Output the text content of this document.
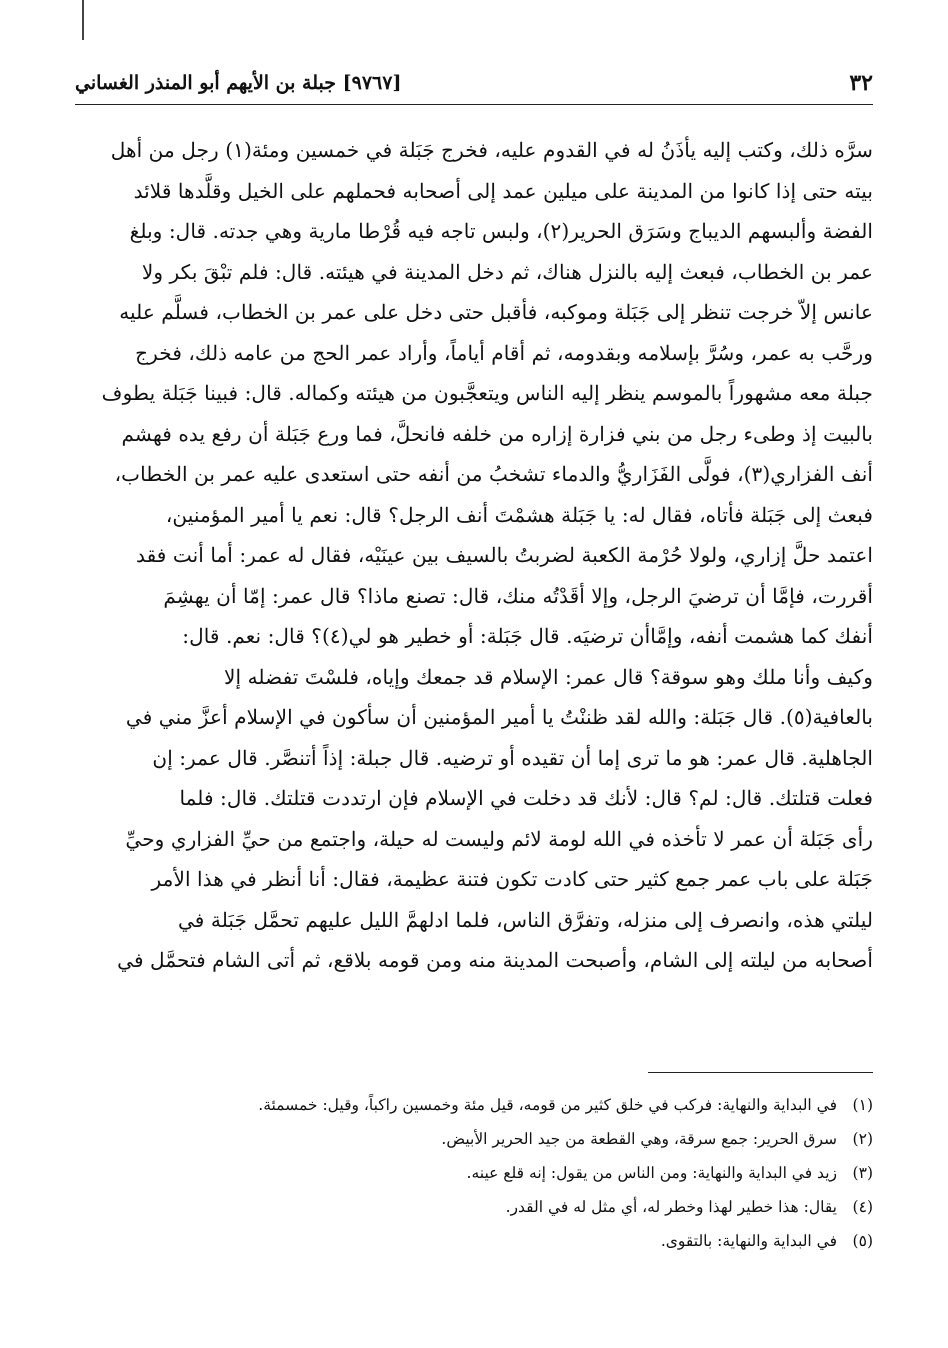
٣٢
[٩٧٦٧] جبلة بن الأيهم أبو المنذر الغساني
سرَّه ذلك، وكتب إليه يأذَنُ له في القدوم عليه، فخرج جَبَلة في خمسين ومئة(١) رجل من أهل
بيته حتى إذا كانوا من المدينة على ميلين عمد إلى أصحابه فحملهم على الخيل وقلَّدها قلائد
الفضة وألبسهم الديباج وسَرَق الحرير(٢)، ولبس تاجه فيه قُرْطا مارية وهي جدته. قال: وبلغ
عمر بن الخطاب، فبعث إليه بالنزل هناك، ثم دخل المدينة في هيئته. قال: فلم تبْقَ بكر ولا
عانس إلاّ خرجت تنظر إلى جَبَلة وموكبه، فأقبل حتى دخل على عمر بن الخطاب، فسلَّم عليه
ورحَّب به عمر، وسُرَّ بإسلامه وبقدومه، ثم أقام أياماً، وأراد عمر الحج من عامه ذلك، فخرج
جبلة معه مشهوراً بالموسم ينظر إليه الناس ويتعجَّبون من هيئته وكماله. قال: فبينا جَبَلة يطوف
بالبيت إذ وطىء رجل من بني فزارة إزاره من خلفه فانحلَّ، فما ورع جَبَلة أن رفع يده فهشم
أنف الفزاري(٣)، فولَّى الفَزَاريُّ والدماء تشخبُ من أنفه حتى استعدى عليه عمر بن الخطاب،
فبعث إلى جَبَلة فأتاه، فقال له: يا جَبَلة هشمْتَ أنف الرجل؟ قال: نعم يا أمير المؤمنين،
اعتمد حلَّ إزاري، ولولا حُرْمة الكعبة لضربتُ بالسيف بين عينَيْه، فقال له عمر: أما أنت فقد
أقررت، فإمَّا أن ترضيَ الرجل، وإلا أقَدْتُه منك، قال: تصنع ماذا؟ قال عمر: إمّا أن يهشِمَ
أنفك كما هشمت أنفه، وإمَّاأن ترضيَه. قال جَبَلة: أو خطير هو لي(٤)؟ قال: نعم. قال:
وكيف وأنا ملك وهو سوقة؟ قال عمر: الإسلام قد جمعك وإياه، فلسْتَ تفضله إلا
بالعافية(٥). قال جَبَلة: والله لقد ظننْتُ يا أمير المؤمنين أن سأكون في الإسلام أعزَّ مني في
الجاهلية. قال عمر: هو ما ترى إما أن تقيده أو ترضيه. قال جبلة: إذاً أتنصَّر. قال عمر: إن
فعلت قتلتك. قال: لم؟ قال: لأنك قد دخلت في الإسلام فإن ارتددت قتلتك. قال: فلما
رأى جَبَلة أن عمر لا تأخذه في الله لومة لائم وليست له حيلة، واجتمع من حيِّ الفزاري وحيِّ
جَبَلة على باب عمر جمع كثير حتى كادت تكون فتنة عظيمة، فقال: أنا أنظر في هذا الأمر
ليلتي هذه، وانصرف إلى منزله، وتفرَّق الناس، فلما ادلهمَّ الليل عليهم تحمَّل جَبَلة في
أصحابه من ليلته إلى الشام، وأصبحت المدينة منه ومن قومه بلاقع، ثم أتى الشام فتحمَّل في
(١)في البداية والنهاية: فركب في خلق كثير من قومه، قيل مئة وخمسين راكباً، وقيل: خمسمئة.
(٢)سرق الحرير: جمع سرقة، وهي القطعة من جيد الحرير الأبيض.
(٣)زيد في البداية والنهاية: ومن الناس من يقول: إنه قلع عينه.
(٤)يقال: هذا خطير لهذا وخطر له، أي مثل له في القدر.
(٥)في البداية والنهاية: بالتقوى.
